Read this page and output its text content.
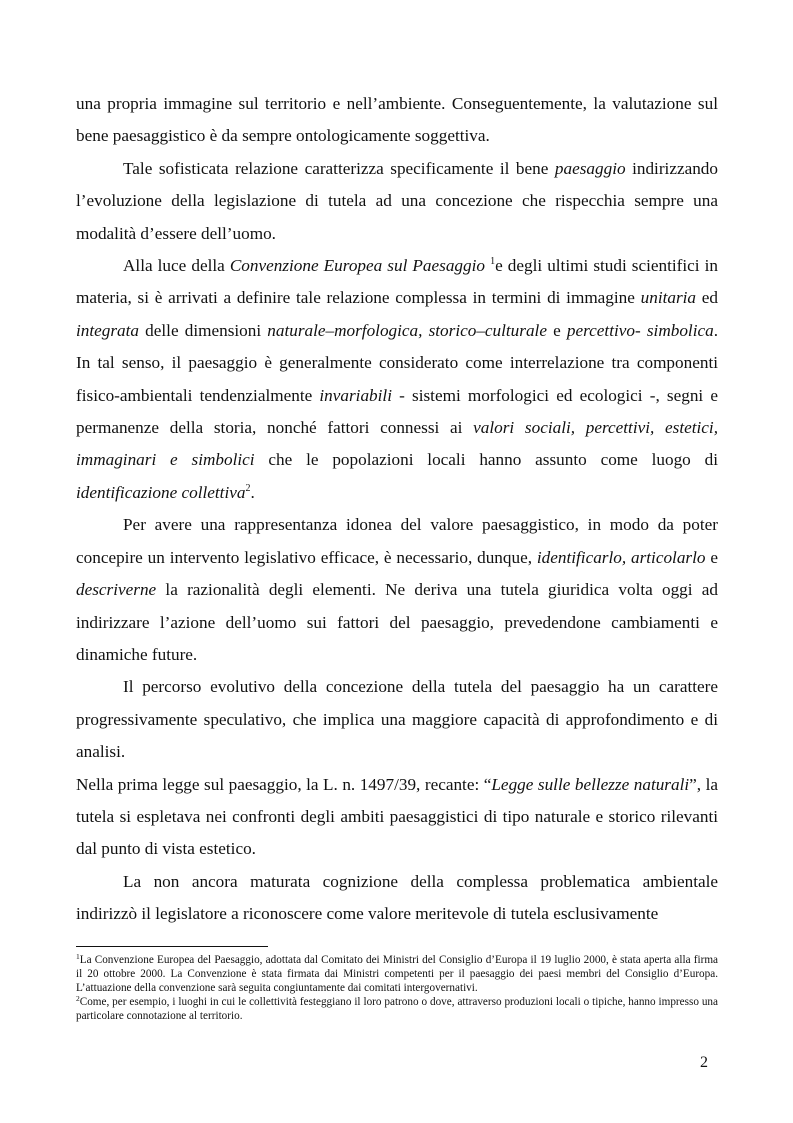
una propria immagine sul territorio e nell’ambiente. Conseguentemente, la valutazione sul bene paesaggistico è da sempre ontologicamente soggettiva.

Tale sofisticata relazione caratterizza specificamente il bene paesaggio indirizzando l’evoluzione della legislazione di tutela ad una concezione che rispecchia sempre una modalità d’essere dell’uomo.

Alla luce della Convenzione Europea sul Paesaggio $^1$e degli ultimi studi scientifici in materia, si è arrivati a definire tale relazione complessa in termini di immagine unitaria ed integrata delle dimensioni naturale–morfologica, storico–culturale e percettivo- simbolica. In tal senso, il paesaggio è generalmente considerato come interrelazione tra componenti fisico-ambientali tendenzialmente invariabili - sistemi morfologici ed ecologici -, segni e permanenze della storia, nonché fattori connessi ai valori sociali, percettivi, estetici, immaginari e simbolici che le popolazioni locali hanno assunto come luogo di identificazione collettiva$^2$.

Per avere una rappresentanza idonea del valore paesaggistico, in modo da poter concepire un intervento legislativo efficace, è necessario, dunque, identificarlo, articolarlo e descriverne la razionalità degli elementi. Ne deriva una tutela giuridica volta oggi ad indirizzare l’azione dell’uomo sui fattori del paesaggio, prevedendone cambiamenti e dinamiche future.

Il percorso evolutivo della concezione della tutela del paesaggio ha un carattere progressivamente speculativo, che implica una maggiore capacità di approfondimento e di analisi.

Nella prima legge sul paesaggio, la L. n. 1497/39, recante: “Legge sulle bellezze naturali”, la tutela si espletava nei confronti degli ambiti paesaggistici di tipo naturale e storico rilevanti dal punto di vista estetico.

La non ancora maturata cognizione della complessa problematica ambientale indirizzò il legislatore a riconoscere come valore meritevole di tutela esclusivamente

$^1$La Convenzione Europea del Paesaggio, adottata dal Comitato dei Ministri del Consiglio d’Europa il 19 luglio 2000, è stata aperta alla firma il 20 ottobre 2000. La Convenzione è stata firmata dai Ministri competenti per il paesaggio dei paesi membri del Consiglio d’Europa. L’attuazione della convenzione sarà seguita congiuntamente dai comitati intergovernativi.

$^2$Come, per esempio, i luoghi in cui le collettività festeggiano il loro patrono o dove, attraverso produzioni locali o tipiche, hanno impresso una particolare connotazione al territorio.

2
